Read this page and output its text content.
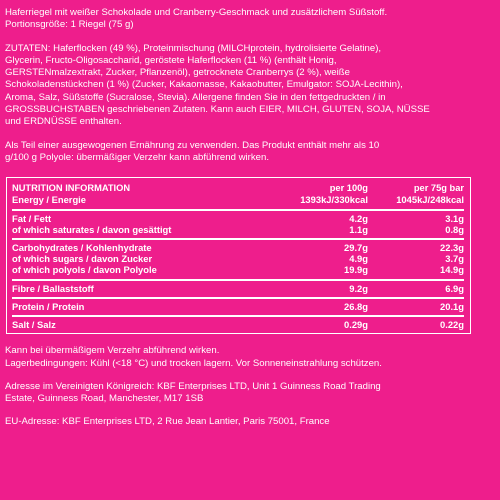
Haferriegel mit weißer Schokolade und Cranberry-Geschmack und zusätzlichem Süßstoff.
Portionsgröße: 1 Riegel (75 g)

ZUTATEN: Haferflocken (49 %), Proteinmischung (MILCHprotein, hydrolisierte Gelatine),
Glycerin, Fructo-Oligosaccharid, geröstete Haferflocken (11 %) (enthält Honig,
GERSTENmalzextrakt, Zucker, Pflanzenöl), getrocknete Cranberrys (2 %), weiße
Schokoladenstückchen (1 %) (Zucker, Kakaomasse, Kakaobutter, Emulgator: SOJA-Lecithin),
Aroma, Salz, Süßstoffe (Sucralose, Stevia). Allergene finden Sie in den fettgedruckten / in
GROSSBUCHSTABEN geschriebenen Zutaten. Kann auch EIER, MILCH, GLUTEN, SOJA, NÜSSE
und ERDNÜSSE enthalten.

Als Teil einer ausgewogenen Ernährung zu verwenden. Das Produkt enthält mehr als 10
g/100 g Polyole: übermäßiger Verzehr kann abführend wirken.

NUTRITION INFORMATION	per 100g	per 75g bar
Energy / Energie	1393kJ/330kcal	1045kJ/248kcal
Fat / Fett	4.2g	3.1g
of which saturates / davon gesättigt	1.1g	0.8g
Carbohydrates / Kohlenhydrate	29.7g	22.3g
of which sugars / davon Zucker	4.9g	3.7g
of which polyols / davon Polyole	19.9g	14.9g
Fibre / Ballaststoff	9.2g	6.9g
Protein / Protein	26.8g	20.1g
Salt / Salz	0.29g	0.22g

Kann bei übermäßigem Verzehr abführend wirken.
Lagerbedingungen: Kühl (<18 °C) und trocken lagern. Vor Sonneneinstrahlung schützen.

Adresse im Vereinigten Königreich: KBF Enterprises LTD, Unit 1 Guinness Road Trading
Estate, Guinness Road, Manchester, M17 1SB

EU-Adresse: KBF Enterprises LTD, 2 Rue Jean Lantier, Paris 75001, France
